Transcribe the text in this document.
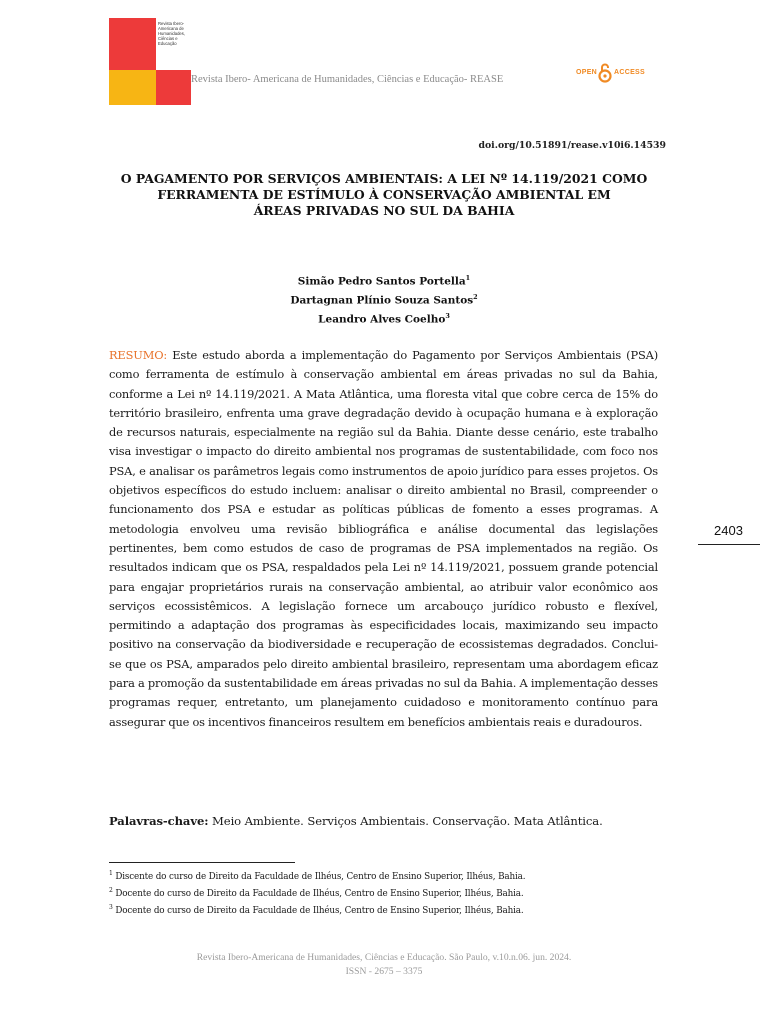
Revista Ibero-
Americana de
Humanidades,
Ciências e
Educação
Revista Ibero- Americana de Humanidades, Ciências e Educação- REASE
OPEN ACCESS
doi.org/10.51891/rease.v10i6.14539
O PAGAMENTO POR SERVIÇOS AMBIENTAIS: A LEI Nº 14.119/2021 COMO
FERRAMENTA DE ESTÍMULO À CONSERVAÇÃO AMBIENTAL EM
ÁREAS PRIVADAS NO SUL DA BAHIA
Simão Pedro Santos Portella$^1$
Dartagnan Plínio Souza Santos$^2$
Leandro Alves Coelho$^3$
RESUMO: Este estudo aborda a implementação do Pagamento por Serviços Ambientais (PSA) como ferramenta de estímulo à conservação ambiental em áreas privadas no sul da Bahia, conforme a Lei nº 14.119/2021. A Mata Atlântica, uma floresta vital que cobre cerca de 15% do território brasileiro, enfrenta uma grave degradação devido à ocupação humana e à exploração de recursos naturais, especialmente na região sul da Bahia. Diante desse cenário, este trabalho visa investigar o impacto do direito ambiental nos programas de sustentabilidade, com foco nos PSA, e analisar os parâmetros legais como instrumentos de apoio jurídico para esses projetos. Os objetivos específicos do estudo incluem: analisar o direito ambiental no Brasil, compreender o funcionamento dos PSA e estudar as políticas públicas de fomento a esses programas. A metodologia envolveu uma revisão bibliográfica e análise documental das legislações pertinentes, bem como estudos de caso de programas de PSA implementados na região. Os resultados indicam que os PSA, respaldados pela Lei nº 14.119/2021, possuem grande potencial para engajar proprietários rurais na conservação ambiental, ao atribuir valor econômico aos serviços ecossistêmicos. A legislação fornece um arcabouço jurídico robusto e flexível, permitindo a adaptação dos programas às especificidades locais, maximizando seu impacto positivo na conservação da biodiversidade e recuperação de ecossistemas degradados. Conclui-se que os PSA, amparados pelo direito ambiental brasileiro, representam uma abordagem eficaz para a promoção da sustentabilidade em áreas privadas no sul da Bahia. A implementação desses programas requer, entretanto, um planejamento cuidadoso e monitoramento contínuo para assegurar que os incentivos financeiros resultem em benefícios ambientais reais e duradouros.
Palavras-chave: Meio Ambiente. Serviços Ambientais. Conservação. Mata Atlântica.
$^1$ Discente do curso de Direito da Faculdade de Ilhéus, Centro de Ensino Superior, Ilhéus, Bahia.
$^2$ Docente do curso de Direito da Faculdade de Ilhéus, Centro de Ensino Superior, Ilhéus, Bahia.
$^3$ Docente do curso de Direito da Faculdade de Ilhéus, Centro de Ensino Superior, Ilhéus, Bahia.
Revista Ibero-Americana de Humanidades, Ciências e Educação. São Paulo, v.10.n.06. jun. 2024.
ISSN - 2675 – 3375
2403
